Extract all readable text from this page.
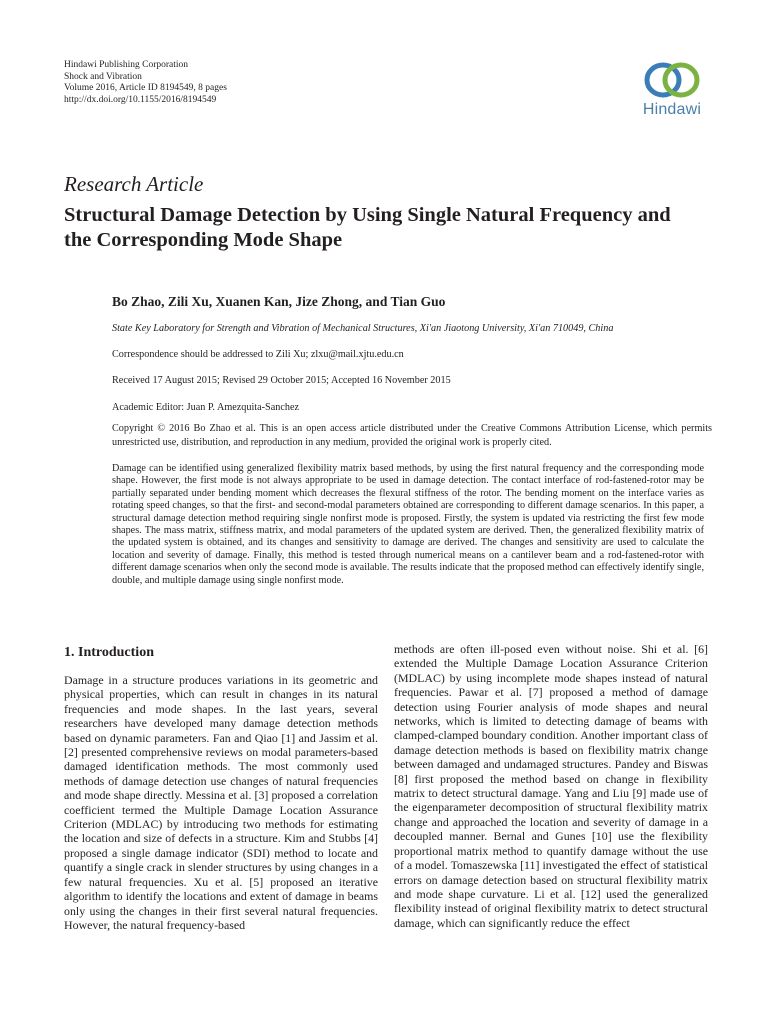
Hindawi Publishing Corporation
Shock and Vibration
Volume 2016, Article ID 8194549, 8 pages
http://dx.doi.org/10.1155/2016/8194549
Hindawi
Research Article
Structural Damage Detection by Using Single Natural Frequency and the Corresponding Mode Shape
Bo Zhao, Zili Xu, Xuanen Kan, Jize Zhong, and Tian Guo
State Key Laboratory for Strength and Vibration of Mechanical Structures, Xi'an Jiaotong University, Xi'an 710049, China
Correspondence should be addressed to Zili Xu; zlxu@mail.xjtu.edu.cn
Received 17 August 2015; Revised 29 October 2015; Accepted 16 November 2015
Academic Editor: Juan P. Amezquita-Sanchez
Copyright © 2016 Bo Zhao et al. This is an open access article distributed under the Creative Commons Attribution License, which permits unrestricted use, distribution, and reproduction in any medium, provided the original work is properly cited.

Damage can be identified using generalized flexibility matrix based methods, by using the first natural frequency and the corresponding mode shape. However, the first mode is not always appropriate to be used in damage detection. The contact interface of rod-fastened-rotor may be partially separated under bending moment which decreases the flexural stiffness of the rotor. The bending moment on the interface varies as rotating speed changes, so that the first- and second-modal parameters obtained are corresponding to different damage scenarios. In this paper, a structural damage detection method requiring single nonfirst mode is proposed. Firstly, the system is updated via restricting the first few mode shapes. The mass matrix, stiffness matrix, and modal parameters of the updated system are derived. Then, the generalized flexibility matrix of the updated system is obtained, and its changes and sensitivity to damage are derived. The changes and sensitivity are used to calculate the location and severity of damage. Finally, this method is tested through numerical means on a cantilever beam and a rod-fastened-rotor with different damage scenarios when only the second mode is available. The results indicate that the proposed method can effectively identify single, double, and multiple damage using single nonfirst mode.

1. Introduction

Damage in a structure produces variations in its geometric and physical properties, which can result in changes in its natural frequencies and mode shapes. In the last years, several researchers have developed many damage detection methods based on dynamic parameters. Fan and Qiao [1] and Jassim et al. [2] presented comprehensive reviews on modal parameters-based damaged identification methods. The most commonly used methods of damage detection use changes of natural frequencies and mode shape directly. Messina et al. [3] proposed a correlation coefficient termed the Multiple Damage Location Assurance Criterion (MDLAC) by introducing two methods for estimating the location and size of defects in a structure. Kim and Stubbs [4] proposed a single damage indicator (SDI) method to locate and quantify a single crack in slender structures by using changes in a few natural frequencies. Xu et al. [5] proposed an iterative algorithm to identify the locations and extent of damage in beams only using the changes in their first several natural frequencies. However, the natural frequency-based

methods are often ill-posed even without noise. Shi et al. [6] extended the Multiple Damage Location Assurance Criterion (MDLAC) by using incomplete mode shapes instead of natural frequencies. Pawar et al. [7] proposed a method of damage detection using Fourier analysis of mode shapes and neural networks, which is limited to detecting damage of beams with clamped-clamped boundary condition. Another important class of damage detection methods is based on flexibility matrix change between damaged and undamaged structures. Pandey and Biswas [8] first proposed the method based on change in flexibility matrix to detect structural damage. Yang and Liu [9] made use of the eigenparameter decomposition of structural flexibility matrix change and approached the location and severity of damage in a decoupled manner. Bernal and Gunes [10] use the flexibility proportional matrix method to quantify damage without the use of a model. Tomaszewska [11] investigated the effect of statistical errors on damage detection based on structural flexibility matrix and mode shape curvature. Li et al. [12] used the generalized flexibility instead of original flexibility matrix to detect structural damage, which can significantly reduce the effect
